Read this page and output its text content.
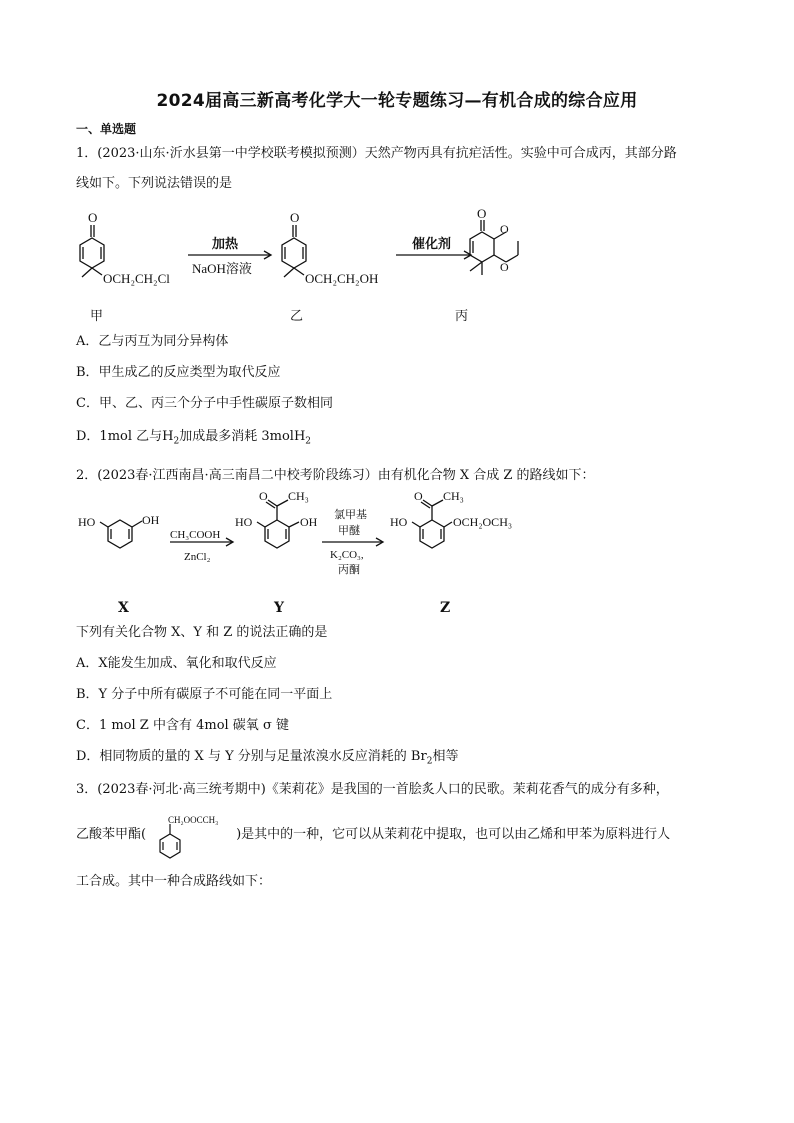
2024届高三新高考化学大一轮专题练习—有机合成的综合应用
一、单选题
1．(2023·山东·沂水县第一中学校联考模拟预测）天然产物丙具有抗疟活性。实验中可合成丙，其部分路
线如下。下列说法错误的是
O
OCH₂CH₂Cl
加热
NaOH溶液
O
OCH₂CH₂OH
催化剂
O
O
O
甲	乙	丙
A．乙与丙互为同分异构体
B．甲生成乙的反应类型为取代反应
C．甲、乙、丙三个分子中手性碳原子数相同
D．1mol 乙与$H_2$加成最多消耗 3molH$_2$
2．(2023春·江西南昌·高三南昌二中校考阶段练习）由有机化合物 X 合成 Z 的路线如下：
HO	OH
CH₃COOH
ZnCl₂
HO	OH
O CH₃
氯甲基
甲醚
K₂CO₃,
丙酮
HO	OCH₂OCH₃
O CH₃
X	Y	Z
下列有关化合物 X、Y 和 Z 的说法正确的是
A．X能发生加成、氧化和取代反应
B．Y 分子中所有碳原子不可能在同一平面上
C．1 mol Z 中含有 4mol 碳氧 σ 键
D．相同物质的量的 X 与 Y 分别与足量浓溴水反应消耗的 $Br_2$相等
3．(2023春·河北·高三统考期中)《茉莉花》是我国的一首脍炙人口的民歌。茉莉花香气的成分有多种，
乙酸苯甲酯(	)是其中的一种，它可以从茉莉花中提取，也可以由乙烯和甲苯为原料进行人
CH₂OOCCH₃
工合成。其中一种合成路线如下：
